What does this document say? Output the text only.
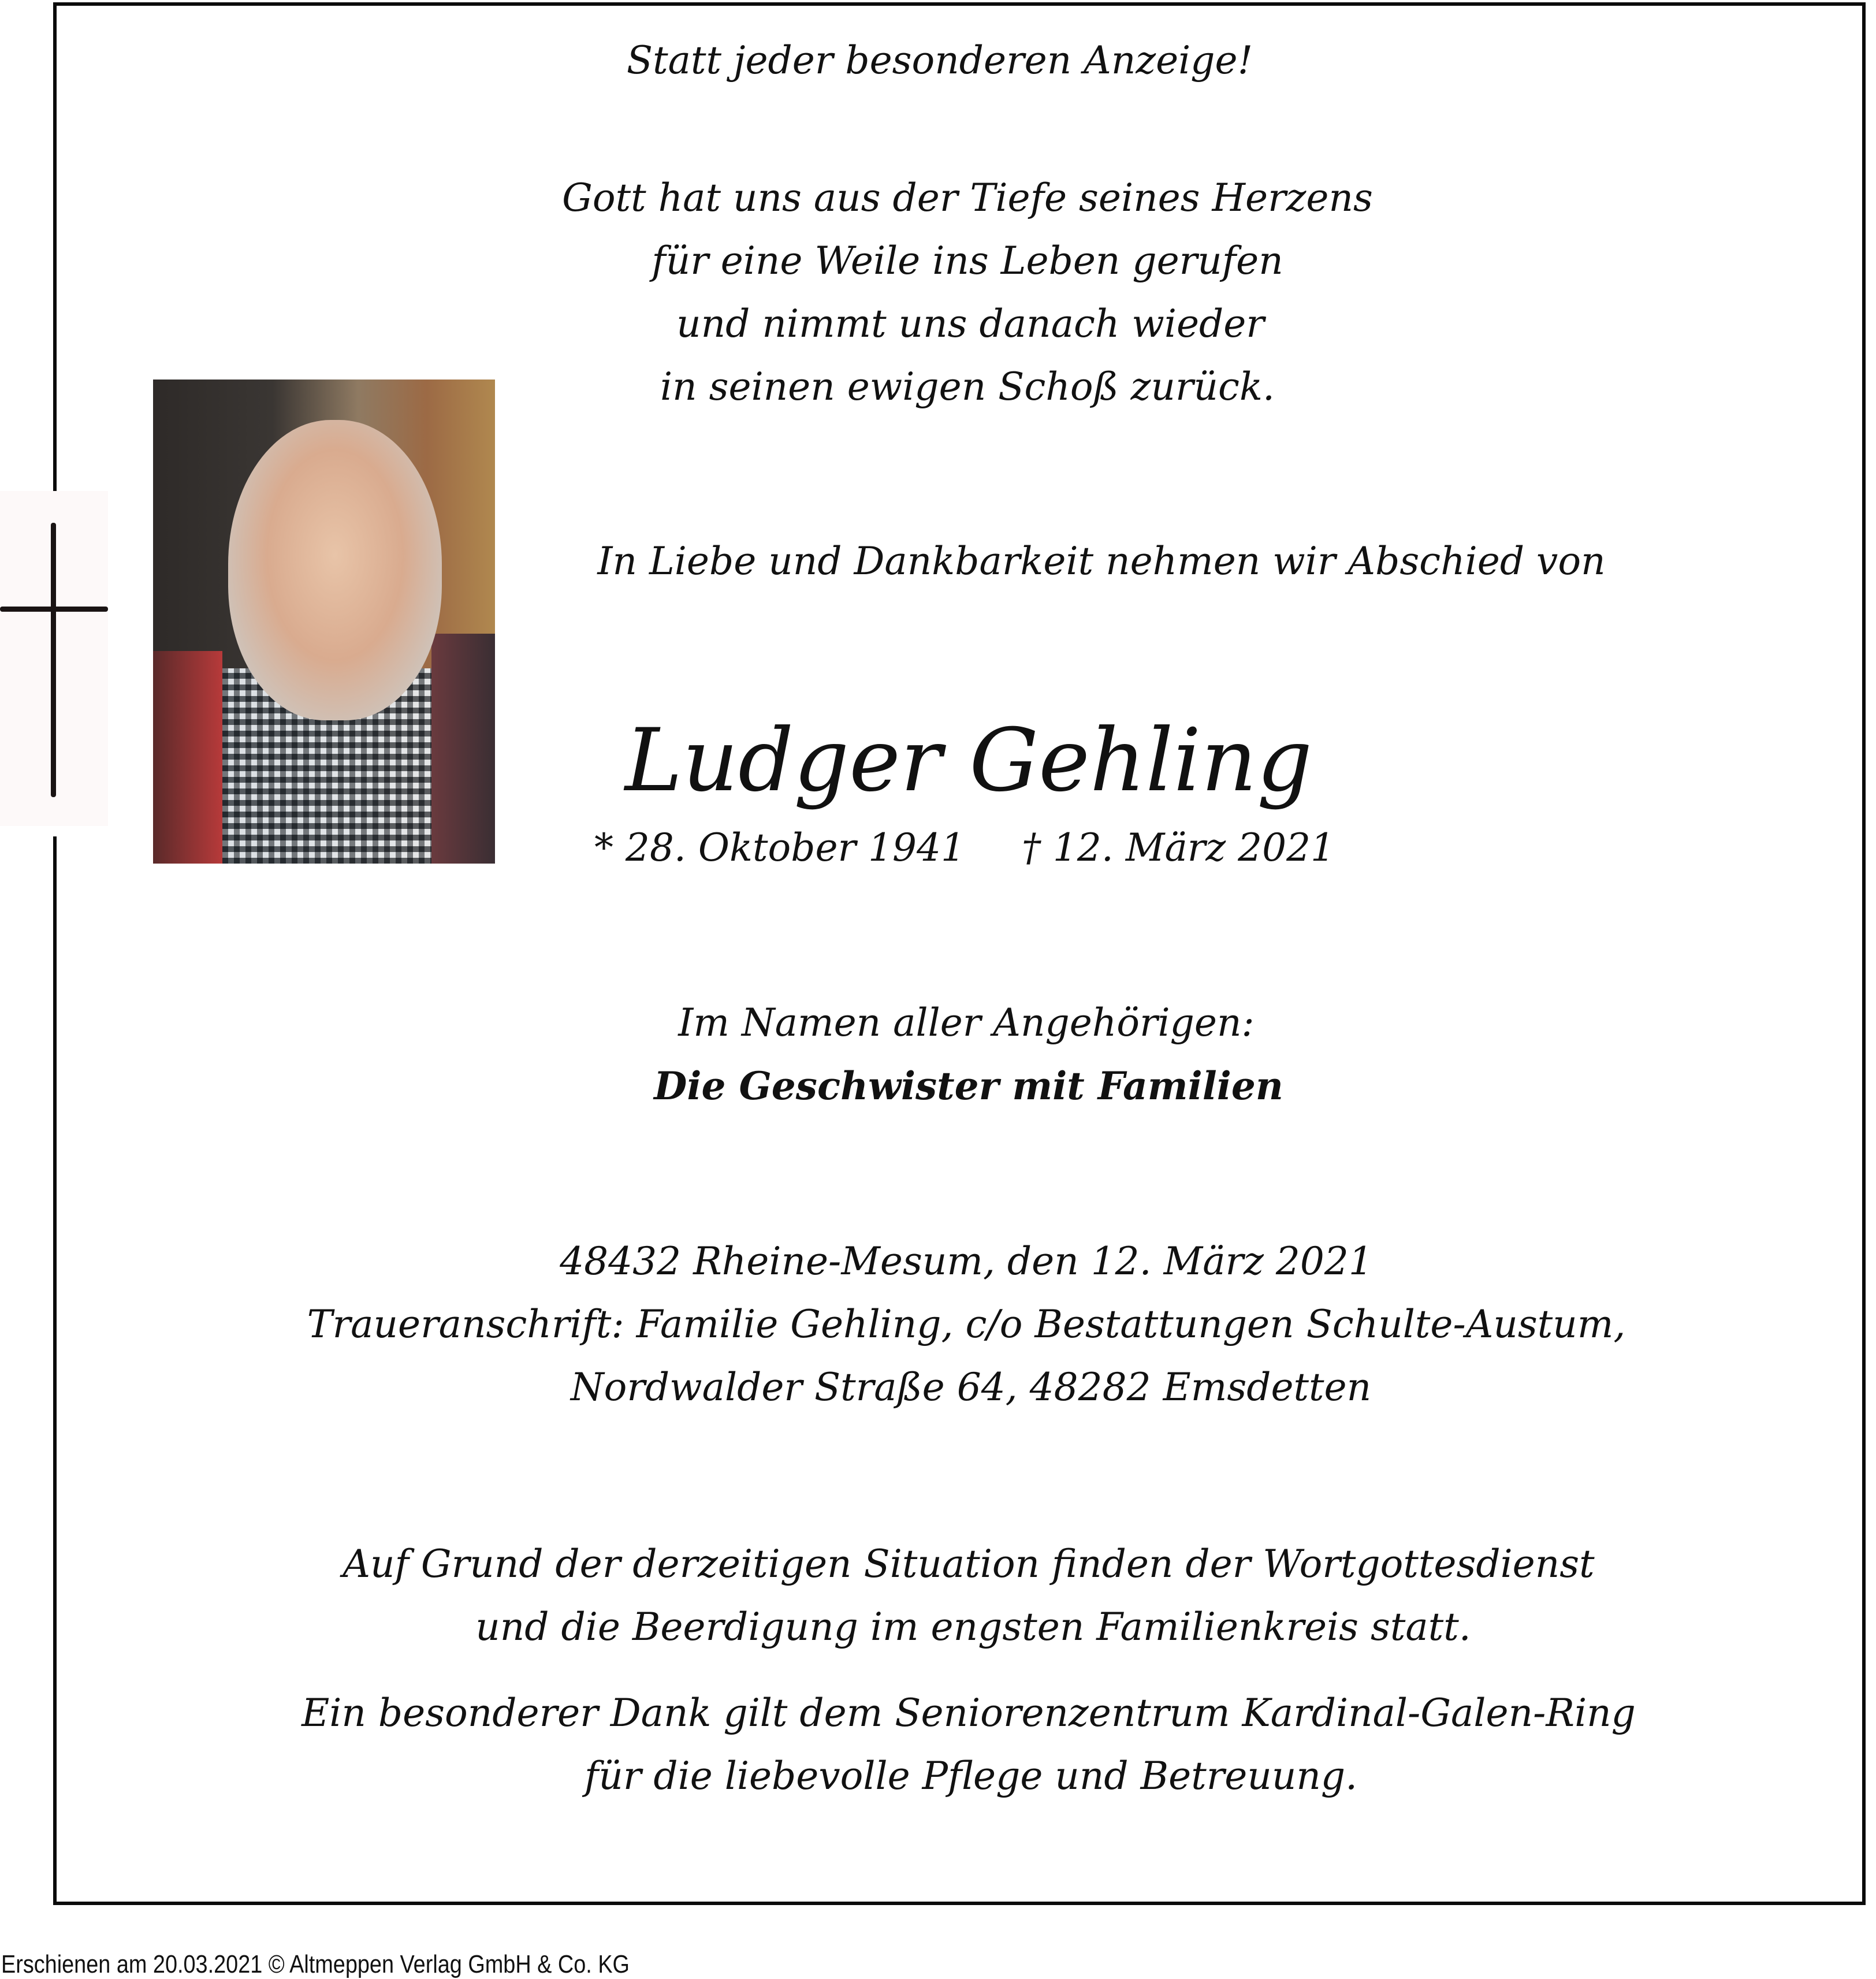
Statt jeder besonderen Anzeige!
Gott hat uns aus der Tiefe seines Herzens
für eine Weile ins Leben gerufen
und nimmt uns danach wieder
in seinen ewigen Schoß zurück.
In Liebe und Dankbarkeit nehmen wir Abschied von
Ludger Gehling
* 28. Oktober 1941 † 12. März 2021
Im Namen aller Angehörigen:
Die Geschwister mit Familien
48432 Rheine-Mesum, den 12. März 2021
Traueranschrift: Familie Gehling, c/o Bestattungen Schulte-Austum,
Nordwalder Straße 64, 48282 Emsdetten
Auf Grund der derzeitigen Situation finden der Wortgottesdienst
und die Beerdigung im engsten Familienkreis statt.
Ein besonderer Dank gilt dem Seniorenzentrum Kardinal-Galen-Ring
für die liebevolle Pflege und Betreuung.
Erschienen am 20.03.2021 © Altmeppen Verlag GmbH & Co. KG
